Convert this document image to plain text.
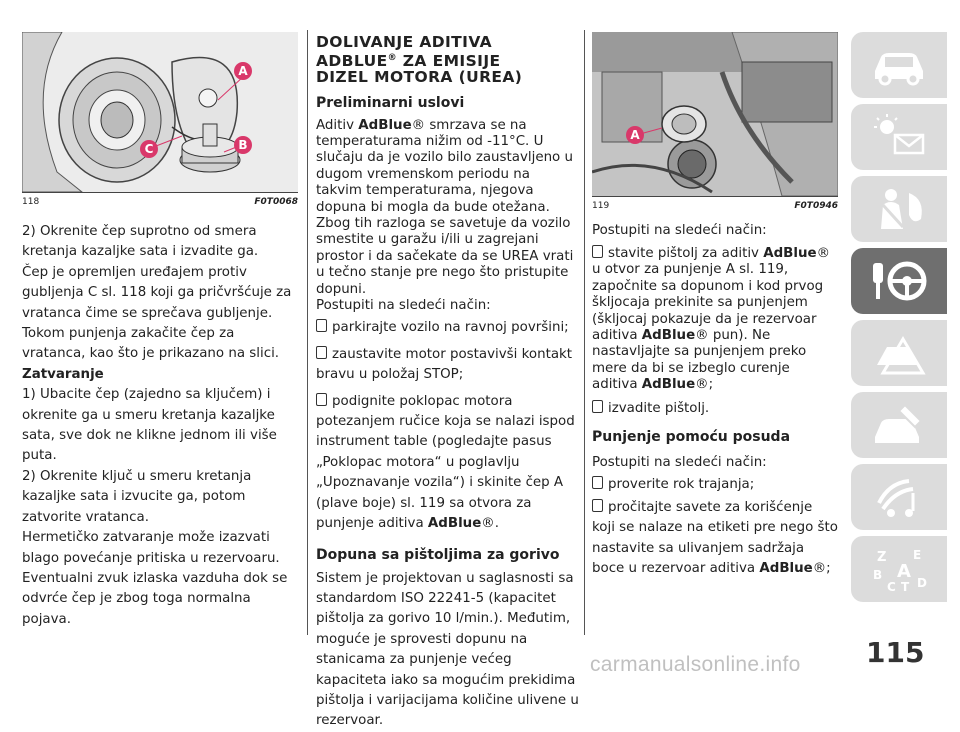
A
B
C
118	F0T0068

2) Okrenite čep suprotno od smera kretanja kazaljke sata i izvadite ga.

Čep je opremljen uređajem protiv gubljenja C sl. 118 koji ga pričvršćuje za vratanca čime se sprečava gubljenje.

Tokom punjenja zakačite čep za vratanca, kao što je prikazano na slici.

Zatvaranje

1) Ubacite čep (zajedno sa ključem) i okrenite ga u smeru kretanja kazaljke sata, sve dok ne klikne jednom ili više puta.

2) Okrenite ključ u smeru kretanja kazaljke sata i izvucite ga, potom zatvorite vratanca.

Hermetičko zatvaranje može izazvati blago povećanje pritiska u rezervoaru. Eventualni zvuk izlaska vazduha dok se odvrće čep je zbog toga normalna pojava.

DOLIVANJE ADITIVA

ADBLUE® ZA EMISIJE

DIZEL MOTORA (UREA)

Preliminarni uslovi

Aditiv AdBlue® smrzava se na temperaturama nižim od -11°C. U slučaju da je vozilo bilo zaustavljeno u dugom vremenskom periodu na takvim temperaturama, njegova dopuna bi mogla da bude otežana. Zbog tih razloga se savetuje da vozilo smestite u garažu i/ili u zagrejani prostor i da sačekate da se UREA vrati u tečno stanje pre nego što pristupite dopuni.

Postupiti na sledeći način:

parkirajte vozilo na ravnoj površini;

zaustavite motor postavivši kontakt bravu u položaj STOP;

podignite poklopac motora potezanjem ručice koja se nalazi ispod instrument table (pogledajte pasus „Poklopac motora“ u poglavlju „Upoznavanje vozila“) i skinite čep A (plave boje) sl. 119 sa otvora za punjenje aditiva AdBlue®.

Dopuna sa pištoljima za gorivo

Sistem je projektovan u saglasnosti sa standardom ISO 22241-5 (kapacitet pištolja za gorivo 10 l/min.). Međutim, moguće je sprovesti dopunu na stanicama za punjenje većeg kapaciteta iako sa mogućim prekidima pištolja i varijacijama količine ulivene u rezervoar.

A
119	F0T0946

Postupiti na sledeći način:

stavite pištolj za aditiv AdBlue® u otvor za punjenje A sl. 119, započnite sa dopunom i kod prvog škljocaja prekinite sa punjenjem (škljocaj pokazuje da je rezervoar aditiva AdBlue® pun). Ne nastavljajte sa punjenjem preko mere da bi se izbeglo curenje aditiva AdBlue®;

izvadite pištolj.

Punjenje pomoću posuda

Postupiti na sledeći način:

proverite rok trajanja;

pročitajte savete za korišćenje koji se nalaze na etiketi pre nego što nastavite sa ulivanjem sadržaja boce u rezervoar aditiva AdBlue®;

Z E
B A
C T D
115
carmanualsonline.info
